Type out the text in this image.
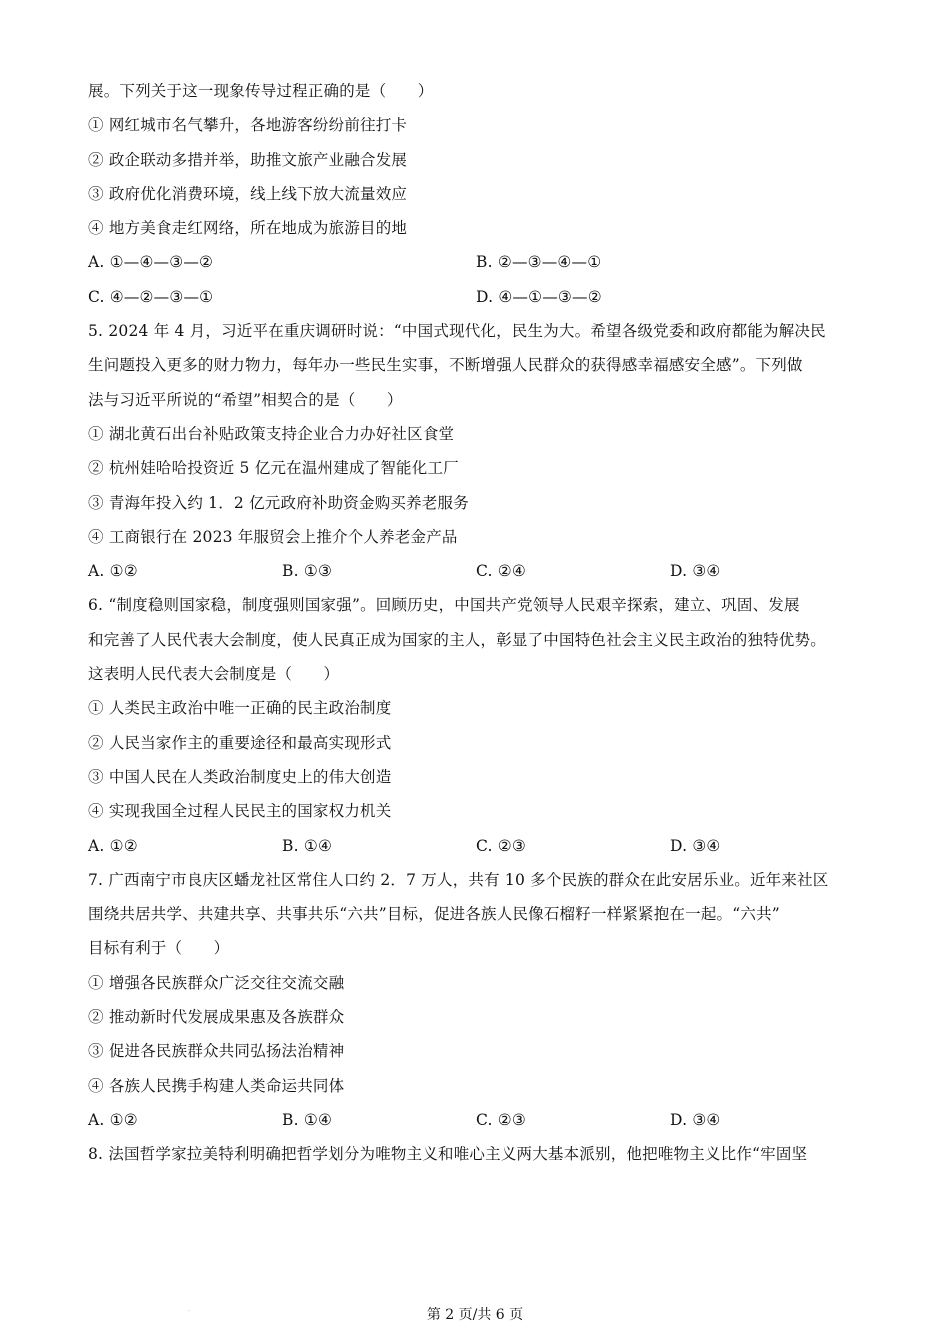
展。下列关于这一现象传导过程正确的是（　　）
① 网红城市名气攀升，各地游客纷纷前往打卡
② 政企联动多措并举，助推文旅产业融合发展
③ 政府优化消费环境，线上线下放大流量效应
④ 地方美食走红网络，所在地成为旅游目的地
A. ①—④—③—②	B. ②—③—④—①
C. ④—②—③—①	D. ④—①—③—②
5. 2024 年 4 月，习近平在重庆调研时说：“中国式现代化，民生为大。希望各级党委和政府都能为解决民
生问题投入更多的财力物力，每年办一些民生实事，不断增强人民群众的获得感幸福感安全感”。下列做
法与习近平所说的“希望”相契合的是（　　）
① 湖北黄石出台补贴政策支持企业合力办好社区食堂
② 杭州娃哈哈投资近 5 亿元在温州建成了智能化工厂
③ 青海年投入约 1．2 亿元政府补助资金购买养老服务
④ 工商银行在 2023 年服贸会上推介个人养老金产品
A. ①②	B. ①③	C. ②④	D. ③④
6. “制度稳则国家稳，制度强则国家强”。回顾历史，中国共产党领导人民艰辛探索，建立、巩固、发展
和完善了人民代表大会制度，使人民真正成为国家的主人，彰显了中国特色社会主义民主政治的独特优势。
这表明人民代表大会制度是（　　）
① 人类民主政治中唯一正确的民主政治制度
② 人民当家作主的重要途径和最高实现形式
③ 中国人民在人类政治制度史上的伟大创造
④ 实现我国全过程人民民主的国家权力机关
A. ①②	B. ①④	C. ②③	D. ③④
7. 广西南宁市良庆区蟠龙社区常住人口约 2．7 万人，共有 10 多个民族的群众在此安居乐业。近年来社区
围绕共居共学、共建共享、共事共乐“六共”目标，促进各族人民像石榴籽一样紧紧抱在一起。“六共”
目标有利于（　　）
① 增强各民族群众广泛交往交流交融
② 推动新时代发展成果惠及各族群众
③ 促进各民族群众共同弘扬法治精神
④ 各族人民携手构建人类命运共同体
A. ①②	B. ①④	C. ②③	D. ③④
8. 法国哲学家拉美特利明确把哲学划分为唯物主义和唯心主义两大基本派别，他把唯物主义比作“牢固坚
·	第 2 页/共 6 页
